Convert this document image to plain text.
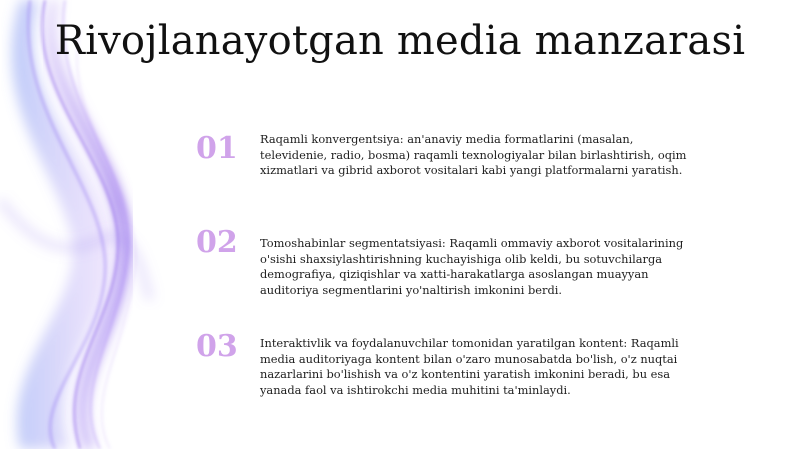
Rivojlanayotgan media manzarasi
01	Raqamli konvergentsiya: an'anaviy media formatlarini (masalan, televidenie, radio, bosma) raqamli texnologiyalar bilan birlashtirish, oqim xizmatlari va gibrid axborot vositalari kabi yangi platformalarni yaratish.
02	Tomoshabinlar segmentatsiyasi: Raqamli ommaviy axborot vositalarining o'sishi shaxsiylashtirishning kuchayishiga olib keldi, bu sotuvchilarga demografiya, qiziqishlar va xatti-harakatlarga asoslangan muayyan auditoriya segmentlarini yo'naltirish imkonini berdi.
03	Interaktivlik va foydalanuvchilar tomonidan yaratilgan kontent: Raqamli media auditoriyaga kontent bilan o'zaro munosabatda bo'lish, o'z nuqtai nazarlarini bo'lishish va o'z kontentini yaratish imkonini beradi, bu esa yanada faol va ishtirokchi media muhitini ta'minlaydi.
